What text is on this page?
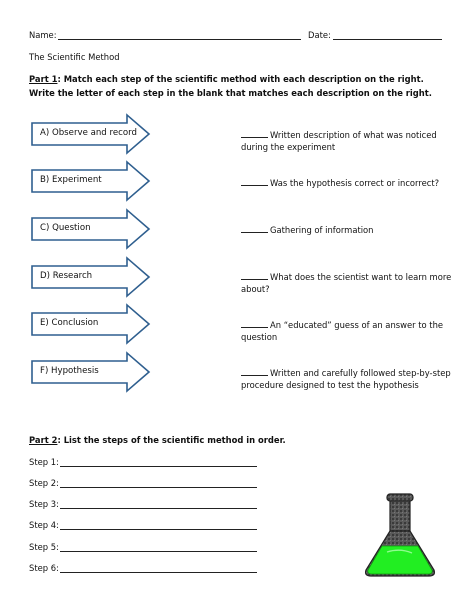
Name:	Date:
The Scientific Method
Part 1: Match each step of the scientific method with each description on the right. Write the letter of each step in the blank that matches each description on the right.
A) Observe and record
B) Experiment
C) Question
D) Research
E) Conclusion
F) Hypothesis
Written description of what was noticed during the experiment
Was the hypothesis correct or incorrect?
Gathering of information
What does the scientist want to learn more about?
An “educated” guess of an answer to the question
Written and carefully followed step-by-step procedure designed to test the hypothesis
Part 2: List the steps of the scientific method in order.
Step 1:
Step 2:
Step 3:
Step 4:
Step 5:
Step 6:
